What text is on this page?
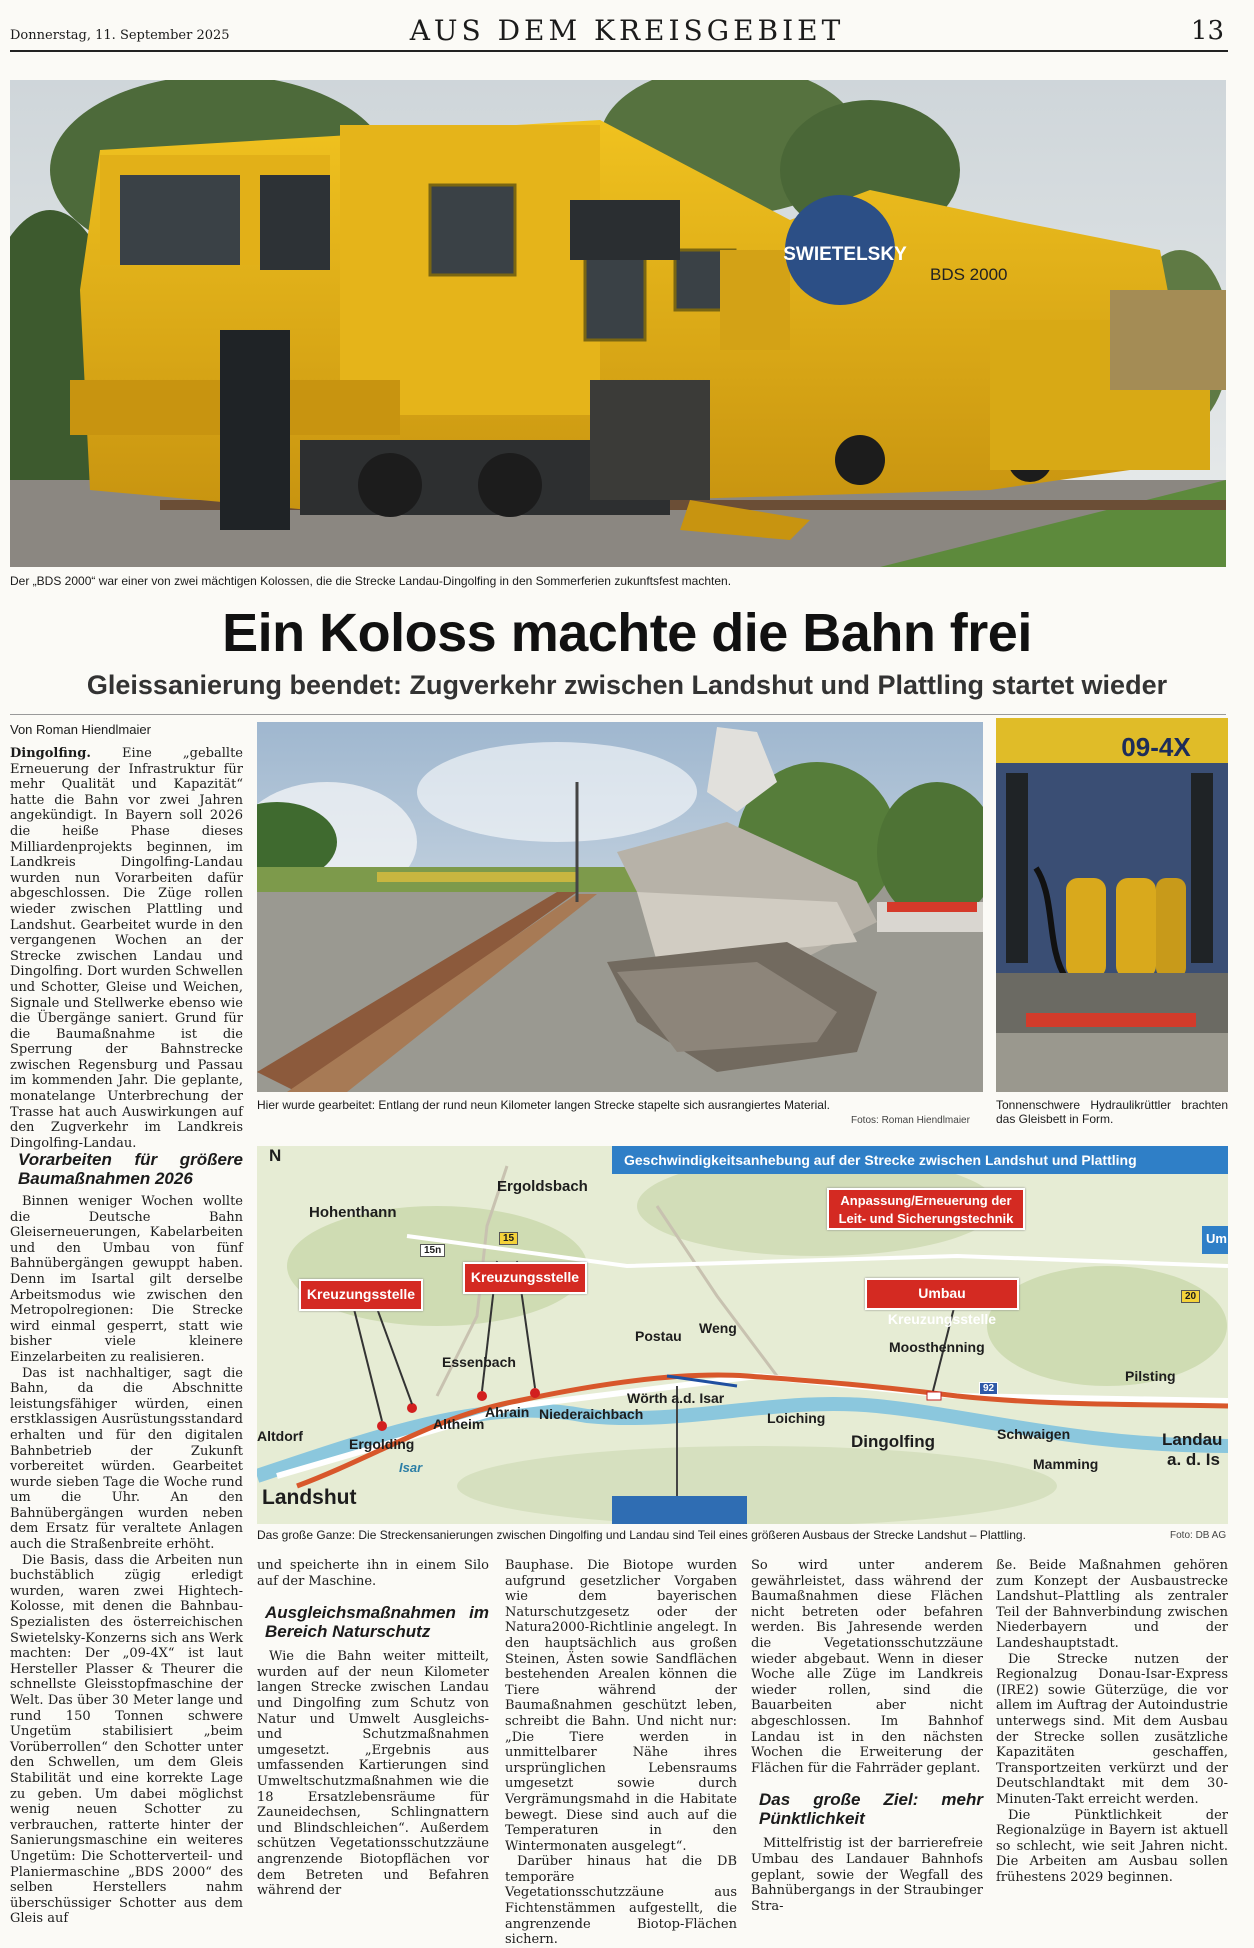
Donnerstag, 11. September 2025	AUS DEM KREISGEBIET	13
SWIETELSKY
BDS 2000
Der „BDS 2000“ war einer von zwei mächtigen Kolossen, die die Strecke Landau-Dingolfing in den Sommerferien zukunftsfest machten.
Ein Koloss machte die Bahn frei
Gleissanierung beendet: Zugverkehr zwischen Landshut und Plattling startet wieder
Von Roman Hiendlmaier

Dingolfing. Eine „geballte Erneuerung der Infrastruktur für mehr Qualität und Kapazität“ hatte die Bahn vor zwei Jahren angekündigt. In Bayern soll 2026 die heiße Phase dieses Milliardenprojekts beginnen, im Landkreis Dingolfing-Landau wurden nun Vorarbeiten dafür abgeschlossen. Die Züge rollen wieder zwischen Plattling und Landshut. Gearbeitet wurde in den vergangenen Wochen an der Strecke zwischen Landau und Dingolfing. Dort wurden Schwellen und Schotter, Gleise und Weichen, Signale und Stellwerke ebenso wie die Übergänge saniert. Grund für die Baumaßnahme ist die Sperrung der Bahnstrecke zwischen Regensburg und Passau im kommenden Jahr. Die geplante, monatelange Unterbrechung der Trasse hat auch Auswirkungen auf den Zugverkehr im Landkreis Dingolfing-Landau.

Hier wurde gearbeitet: Entlang der rund neun Kilometer langen Strecke stapelte sich ausrangiertes Material.
Fotos: Roman Hiendlmaier
09-4X
Tonnenschwere Hydraulikrüttler brachten das Gleisbett in Form.
Geschwindigkeitsanhebung auf der Strecke zwischen Landshut und Plattling
Um
N
Kreuzungsstelle
Kreuzungsstelle
Anpassung/Erneuerung der Leit- und Sicherungstechnik
Umbau Kreuzungsstelle
Hohenthann
Ergoldsbach
Essenbach
Postau Weng
Moosthenning
Pilsting
Altdorf	Ergolding
Altheim
Ahrain Niederaichbach
Wörth a.d. Isar
Loiching
Dingolfing	Schwaigen
Mamming
Landau
a. d. Is
Landshut
Isar
15n
15
92
20
Das große Ganze: Die Streckensanierungen zwischen Dingolfing und Landau sind Teil eines größeren Ausbaus der Strecke Landshut – Plattling.	Foto: DB AG
Vorarbeiten für größere Baumaßnahmen 2026

Binnen weniger Wochen wollte die Deutsche Bahn Gleiserneuerungen, Kabelarbeiten und den Umbau von fünf Bahnübergängen gewuppt haben. Denn im Isartal gilt derselbe Arbeitsmodus wie zwischen den Metropolregionen: Die Strecke wird einmal gesperrt, statt wie bisher viele kleinere Einzelarbeiten zu realisieren.

Das ist nachhaltiger, sagt die Bahn, da die Abschnitte leistungsfähiger würden, einen erstklassigen Ausrüstungsstandard erhalten und für den digitalen Bahnbetrieb der Zukunft vorbereitet würden. Gearbeitet wurde sieben Tage die Woche rund um die Uhr. An den Bahnübergängen wurden neben dem Ersatz für veraltete Anlagen auch die Straßenbreite erhöht.

Die Basis, dass die Arbeiten nun buchstäblich zügig erledigt wurden, waren zwei Hightech-Kolosse, mit denen die Bahnbau-Spezialisten des österreichischen Swietelsky-Konzerns sich ans Werk machten: Der „09-4X“ ist laut Hersteller Plasser & Theurer die schnellste Gleisstopfmaschine der Welt. Das über 30 Meter lange und rund 150 Tonnen schwere Ungetüm stabilisiert „beim Vorüberrollen“ den Schotter unter den Schwellen, um dem Gleis Stabilität und eine korrekte Lage zu geben. Um dabei möglichst wenig neuen Schotter zu verbrauchen, ratterte hinter der Sanierungsmaschine ein weiteres Ungetüm: Die Schotterverteil- und Planiermaschine „BDS 2000“ des selben Herstellers nahm überschüssiger Schotter aus dem Gleis auf

und speicherte ihn in einem Silo auf der Maschine.

Ausgleichsmaßnahmen im Bereich Naturschutz

Wie die Bahn weiter mitteilt, wurden auf der neun Kilometer langen Strecke zwischen Landau und Dingolfing zum Schutz von Natur und Umwelt Ausgleichs- und Schutzmaßnahmen umgesetzt. „Ergebnis aus umfassenden Kartierungen sind Umweltschutzmaßnahmen wie die 18 Ersatzlebensräume für Zauneidechsen, Schlingnattern und Blindschleichen“. Außerdem schützen Vegetationsschutzzäune angrenzende Biotopflächen vor dem Betreten und Befahren während der

Bauphase. Die Biotope wurden aufgrund gesetzlicher Vorgaben wie dem bayerischen Naturschutzgesetz oder der Natura2000-Richtlinie angelegt. In den hauptsächlich aus großen Steinen, Ästen sowie Sandflächen bestehenden Arealen können die Tiere während der Baumaßnahmen geschützt leben, schreibt die Bahn. Und nicht nur: „Die Tiere werden in unmittelbarer Nähe ihres ursprünglichen Lebensraums umgesetzt sowie durch Vergrämungsmahd in die Habitate bewegt. Diese sind auch auf die Temperaturen in den Wintermonaten ausgelegt“.

Darüber hinaus hat die DB temporäre Vegetationsschutzzäune aus Fichtenstämmen aufgestellt, die angrenzende Biotop-Flächen sichern.

So wird unter anderem gewährleistet, dass während der Baumaßnahmen diese Flächen nicht betreten oder befahren werden. Bis Jahresende werden die Vegetationsschutzzäune wieder abgebaut. Wenn in dieser Woche alle Züge im Landkreis wieder rollen, sind die Bauarbeiten aber nicht abgeschlossen. Im Bahnhof Landau ist in den nächsten Wochen die Erweiterung der Flächen für die Fahrräder geplant.

Das große Ziel: mehr Pünktlichkeit

Mittelfristig ist der barrierefreie Umbau des Landauer Bahnhofs geplant, sowie der Wegfall des Bahnübergangs in der Straubinger Stra-

ße. Beide Maßnahmen gehören zum Konzept der Ausbaustrecke Landshut–Plattling als zentraler Teil der Bahnverbindung zwischen Niederbayern und der Landeshauptstadt.

Die Strecke nutzen der Regionalzug Donau-Isar-Express (IRE2) sowie Güterzüge, die vor allem im Auftrag der Autoindustrie unterwegs sind. Mit dem Ausbau der Strecke sollen zusätzliche Kapazitäten geschaffen, Transportzeiten verkürzt und der Deutschlandtakt mit dem 30-Minuten-Takt erreicht werden.

Die Pünktlichkeit der Regionalzüge in Bayern ist aktuell so schlecht, wie seit Jahren nicht. Die Arbeiten am Ausbau sollen frühestens 2029 beginnen.
